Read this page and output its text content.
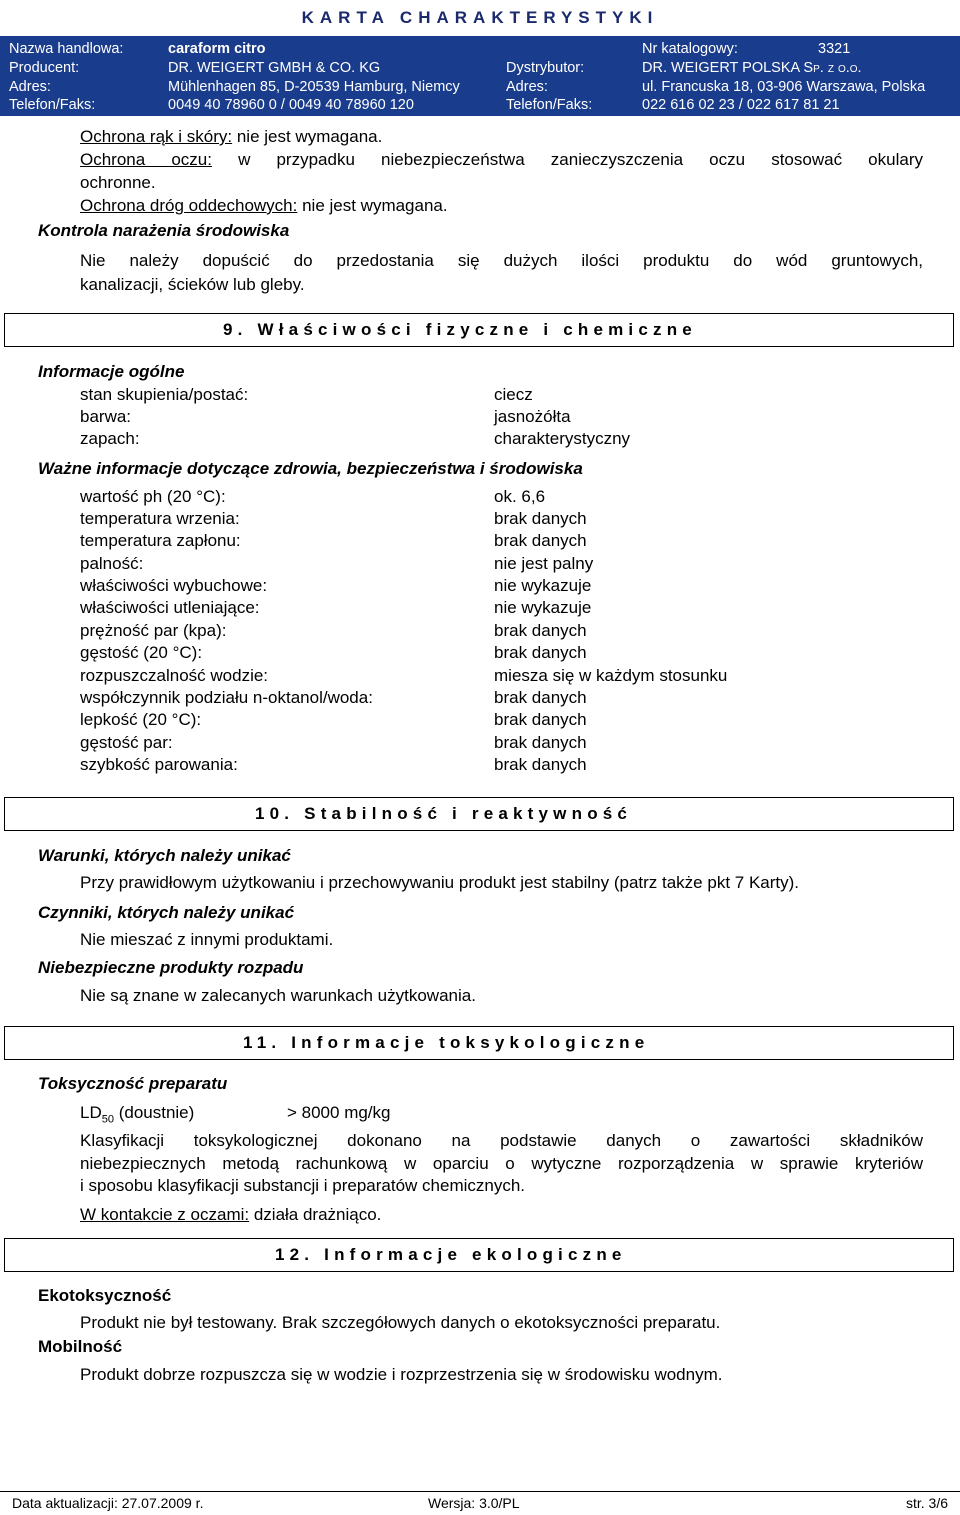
KARTA CHARAKTERYSTYKI
Nazwa handlowa:	caraform citro	Nr katalogowy:	3321
Producent:	DR. WEIGERT GMBH & CO. KG	Dystrybutor:	DR. WEIGERT POLSKA Sp. z o.o.
Adres:	Mühlenhagen 85, D-20539 Hamburg, Niemcy	Adres:	ul. Francuska 18, 03-906 Warszawa, Polska
Telefon/Faks:	0049 40 78960 0 / 0049 40 78960 120	Telefon/Faks:	022 616 02 23 / 022 617 81 21
Ochrona rąk i skóry: nie jest wymagana.
Ochrona oczu: w przypadku niebezpieczeństwa zanieczyszczenia oczu stosować okulary
ochronne.
Ochrona dróg oddechowych: nie jest wymagana.
Kontrola narażenia środowiska
Nie należy dopuścić do przedostania się dużych ilości produktu do wód gruntowych,
kanalizacji, ścieków lub gleby.
9. Właściwości fizyczne i chemiczne
Informacje ogólne
stan skupienia/postać:	ciecz
barwa:	jasnożółta
zapach:	charakterystyczny
Ważne informacje dotyczące zdrowia, bezpieczeństwa i środowiska
wartość ph (20 °C):	ok. 6,6
temperatura wrzenia:	brak danych
temperatura zapłonu:	brak danych
palność:	nie jest palny
właściwości wybuchowe:	nie wykazuje
właściwości utleniające:	nie wykazuje
prężność par (kpa):	brak danych
gęstość (20 °C):	brak danych
rozpuszczalność wodzie:	miesza się w każdym stosunku
współczynnik podziału n-oktanol/woda:	brak danych
lepkość (20 °C):	brak danych
gęstość par:	brak danych
szybkość parowania:	brak danych
10. Stabilność i reaktywność
Warunki, których należy unikać
Przy prawidłowym użytkowaniu i przechowywaniu produkt jest stabilny (patrz także pkt 7 Karty).
Czynniki, których należy unikać
Nie mieszać z innymi produktami.
Niebezpieczne produkty rozpadu
Nie są znane w zalecanych warunkach użytkowania.
11. Informacje toksykologiczne
Toksyczność preparatu
$LD_{50}$ (doustnie)	> 8000 mg/kg
Klasyfikacji toksykologicznej dokonano na podstawie danych o zawartości składników
niebezpiecznych metodą rachunkową w oparciu o wytyczne rozporządzenia w sprawie kryteriów
i sposobu klasyfikacji substancji i preparatów chemicznych.
W kontakcie z oczami: działa drażniąco.
12. Informacje ekologiczne
Ekotoksyczność
Produkt nie był testowany. Brak szczegółowych danych o ekotoksyczności preparatu.
Mobilność
Produkt dobrze rozpuszcza się w wodzie i rozprzestrzenia się w środowisku wodnym.
Data aktualizacji: 27.07.2009 r.	Wersja: 3.0/PL	str. 3/6
